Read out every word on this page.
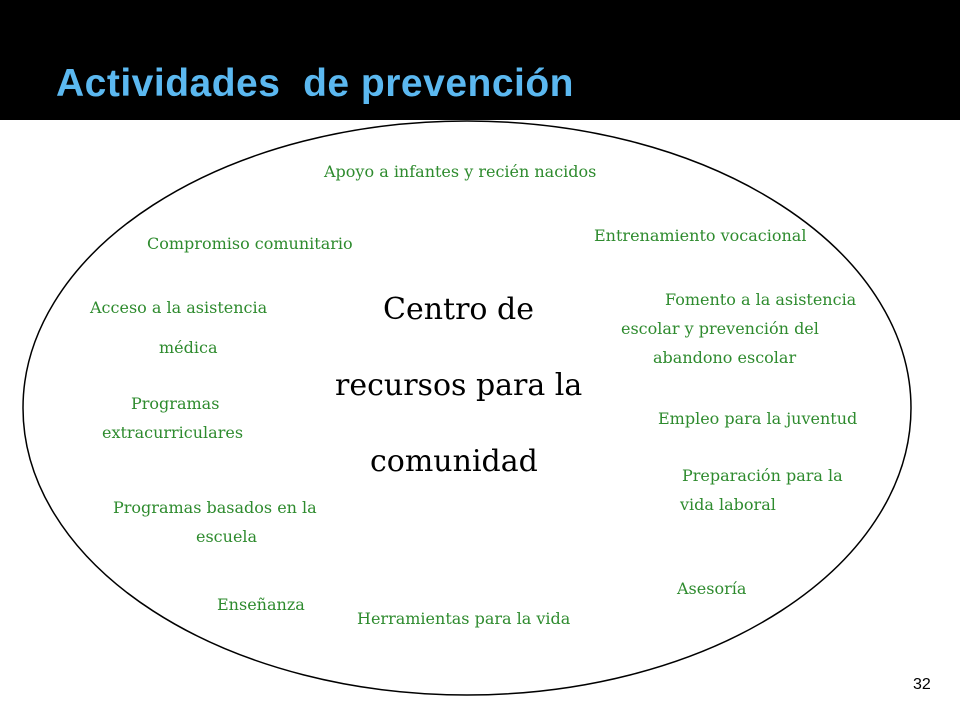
Actividades  de prevención
Centro de
recursos para la
comunidad
Apoyo a infantes y recién nacidos
Compromiso comunitario	Entrenamiento vocacional
Acceso a la asistencia
médica
Fomento a la asistencia
escolar y prevención del
abandono escolar
Programas
extracurriculares
Empleo para la juventud
Preparación para la
vida laboral
Programas basados en la
escuela
Asesoría
Enseñanza
Herramientas para la vida
32
